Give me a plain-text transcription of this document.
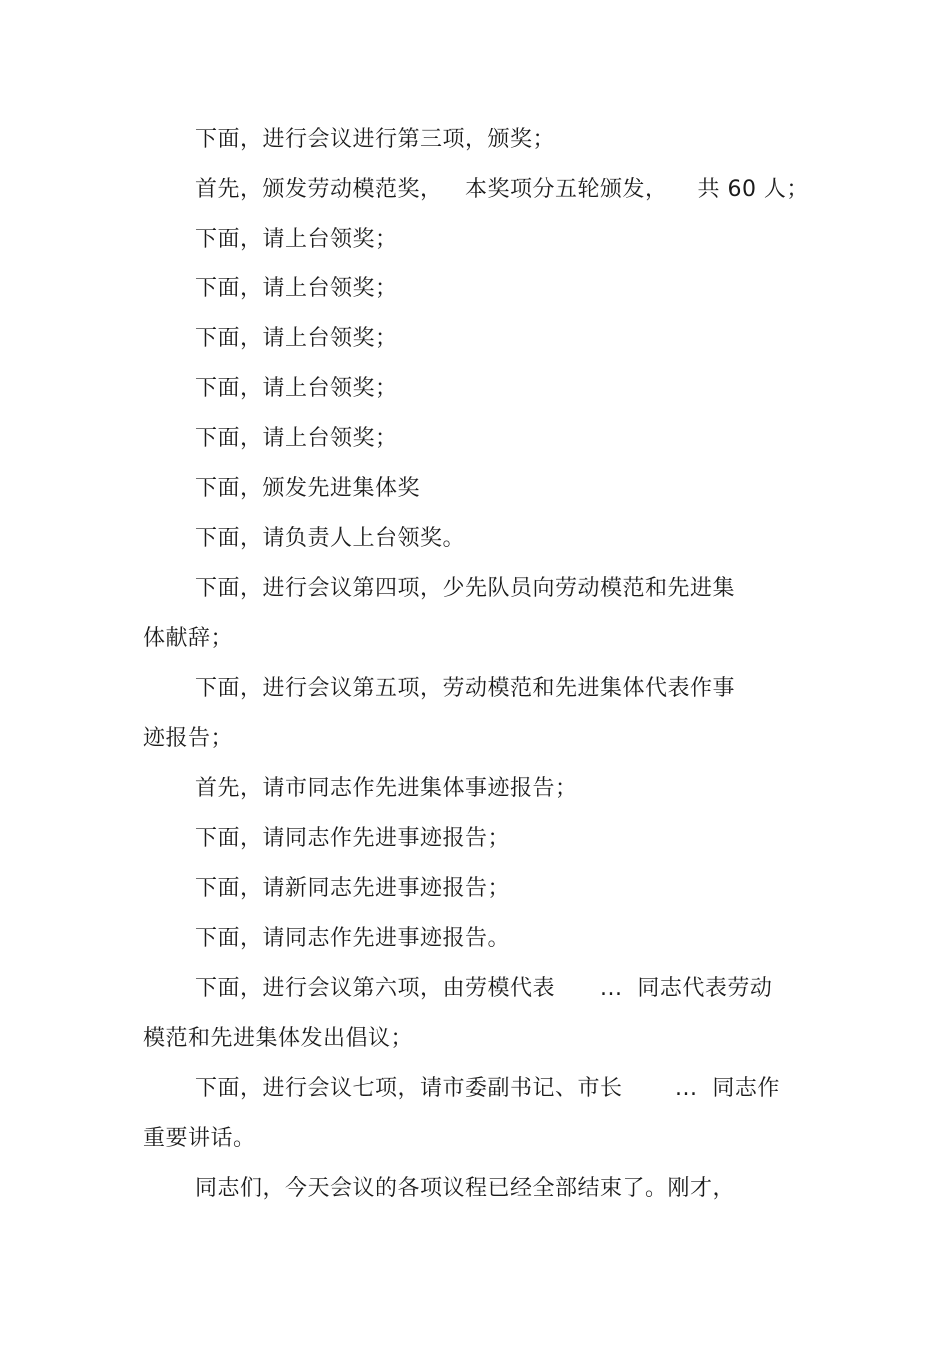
下面，进行会议进行第三项，颁奖；
首先，颁发劳动模范奖，   本奖项分五轮颁发，    共 60 人；
下面，请上台领奖；
下面，请上台领奖；
下面，请上台领奖；
下面，请上台领奖；
下面，请上台领奖；
下面，颁发先进集体奖
下面，请负责人上台领奖。
下面，进行会议第四项，少先队员向劳动模范和先进集
体献辞；
下面，进行会议第五项，劳动模范和先进集体代表作事
迹报告；
首先，请市同志作先进集体事迹报告；
下面，请同志作先进事迹报告；
下面，请新同志先进事迹报告；
下面，请同志作先进事迹报告。
下面，进行会议第六项，由劳模代表      ...  同志代表劳动
模范和先进集体发出倡议；
下面，进行会议七项，请市委副书记、市长       ...  同志作
重要讲话。
同志们，今天会议的各项议程已经全部结束了。刚才，
